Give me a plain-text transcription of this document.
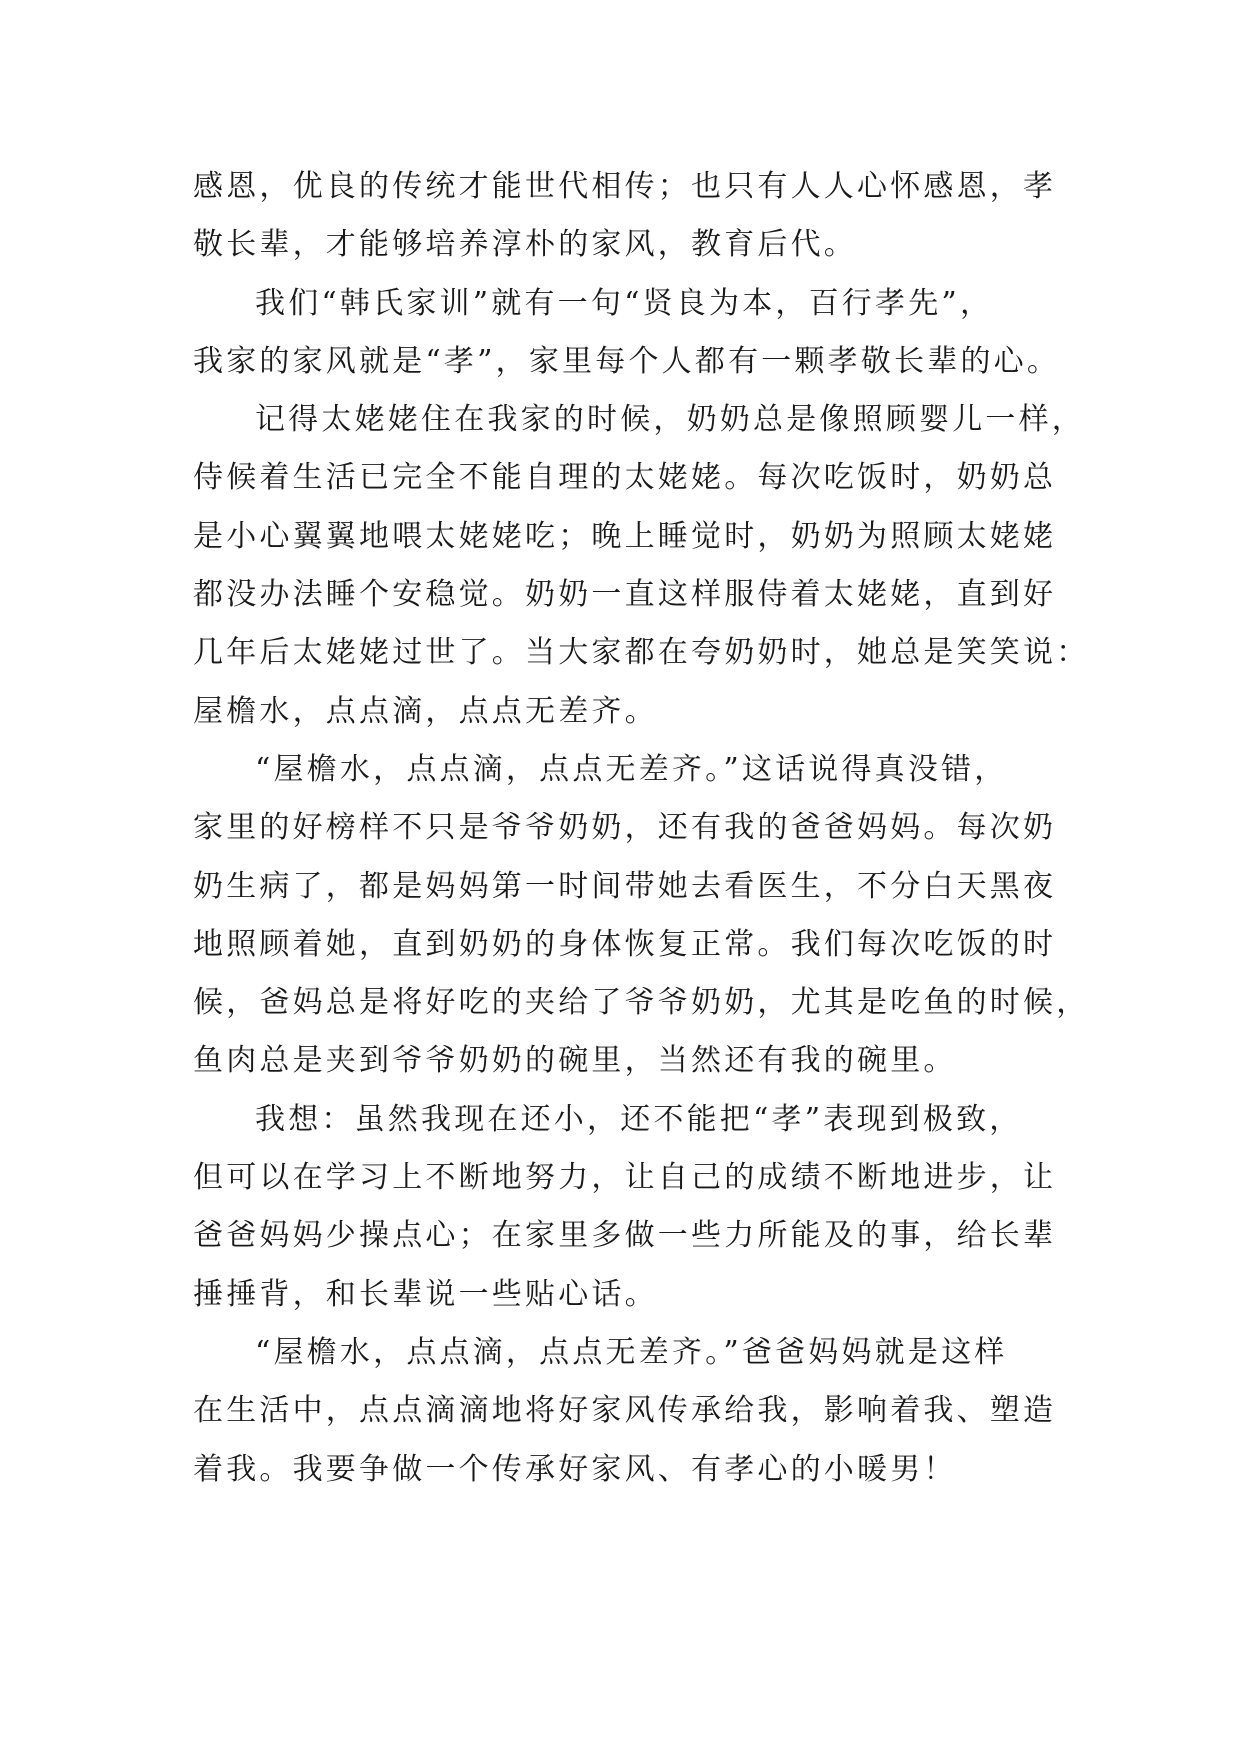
感恩，优良的传统才能世代相传；也只有人人心怀感恩，孝
敬长辈，才能够培养淳朴的家风，教育后代。
我们“韩氏家训”就有一句“贤良为本，百行孝先”，
我家的家风就是“孝”，家里每个人都有一颗孝敬长辈的心。
记得太姥姥住在我家的时候，奶奶总是像照顾婴儿一样，
侍候着生活已完全不能自理的太姥姥。每次吃饭时，奶奶总
是小心翼翼地喂太姥姥吃；晚上睡觉时，奶奶为照顾太姥姥
都没办法睡个安稳觉。奶奶一直这样服侍着太姥姥，直到好
几年后太姥姥过世了。当大家都在夸奶奶时，她总是笑笑说：
屋檐水，点点滴，点点无差齐。
“屋檐水，点点滴，点点无差齐。”这话说得真没错，
家里的好榜样不只是爷爷奶奶，还有我的爸爸妈妈。每次奶
奶生病了，都是妈妈第一时间带她去看医生，不分白天黑夜
地照顾着她，直到奶奶的身体恢复正常。我们每次吃饭的时
候，爸妈总是将好吃的夹给了爷爷奶奶，尤其是吃鱼的时候，
鱼肉总是夹到爷爷奶奶的碗里，当然还有我的碗里。
我想：虽然我现在还小，还不能把“孝”表现到极致，
但可以在学习上不断地努力，让自己的成绩不断地进步，让
爸爸妈妈少操点心；在家里多做一些力所能及的事，给长辈
捶捶背，和长辈说一些贴心话。
“屋檐水，点点滴，点点无差齐。”爸爸妈妈就是这样
在生活中，点点滴滴地将好家风传承给我，影响着我、塑造
着我。我要争做一个传承好家风、有孝心的小暖男！
